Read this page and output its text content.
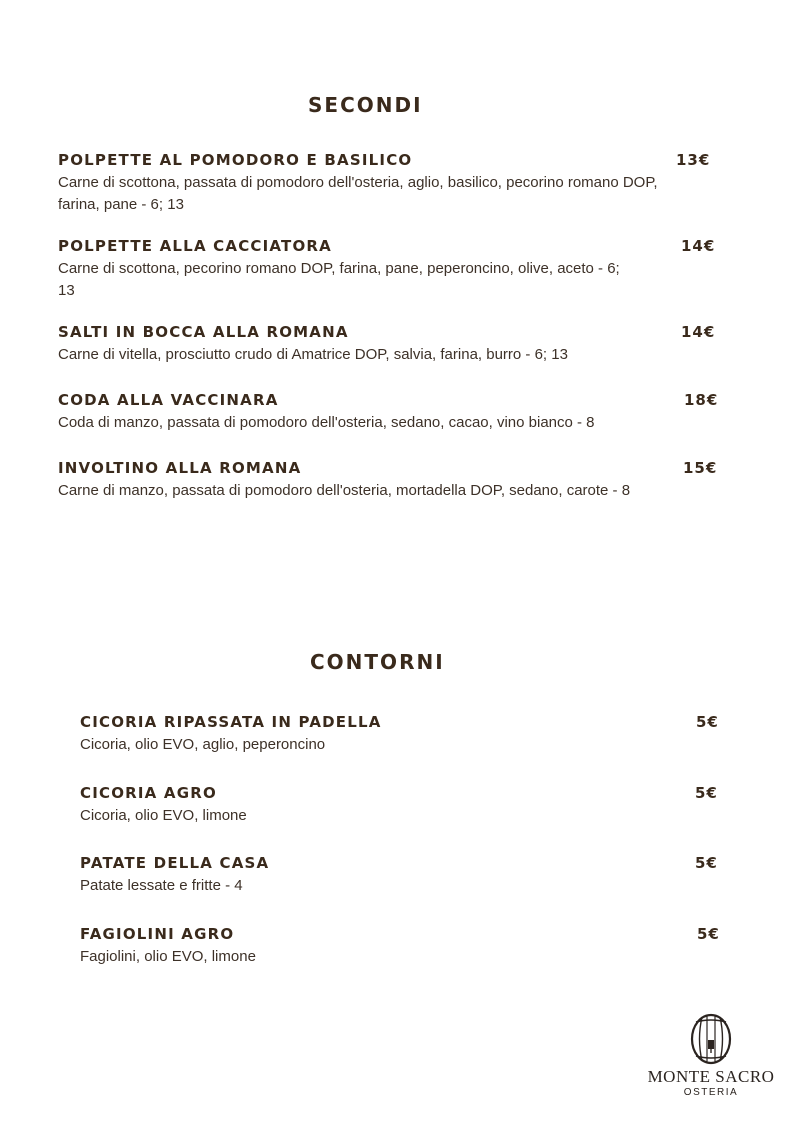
SECONDI
POLPETTE AL POMODORO E BASILICO	13€
Carne di scottona, passata di pomodoro dell'osteria, aglio, basilico, pecorino romano DOP, farina, pane - 6; 13
POLPETTE ALLA CACCIATORA	14€
Carne di scottona, pecorino romano DOP, farina, pane, peperoncino, olive, aceto - 6; 13
SALTI IN BOCCA ALLA ROMANA	14€
Carne di vitella, prosciutto crudo di Amatrice DOP, salvia, farina, burro - 6; 13
CODA ALLA VACCINARA	18€
Coda di manzo, passata di pomodoro dell'osteria, sedano, cacao, vino bianco - 8
INVOLTINO ALLA ROMANA	15€
Carne di manzo, passata di pomodoro dell'osteria, mortadella DOP, sedano, carote - 8
CONTORNI
CICORIA RIPASSATA IN PADELLA	5€
Cicoria, olio EVO, aglio, peperoncino
CICORIA AGRO	5€
Cicoria, olio EVO, limone
PATATE DELLA CASA	5€
Patate lessate e fritte - 4
FAGIOLINI AGRO	5€
Fagiolini, olio EVO, limone
MONTE SACRO
OSTERIA
